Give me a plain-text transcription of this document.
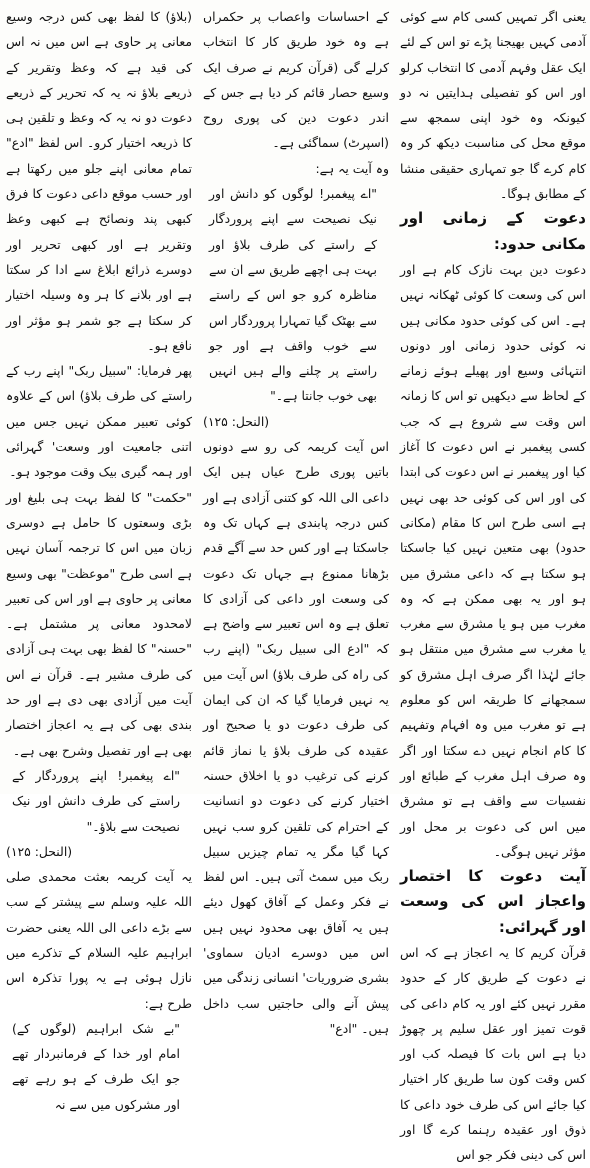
یعنی اگر تمہیں کسی کام سے کوئی آدمی کہیں بھیجنا پڑے تو اس کے لئے ایک عقل وفہم آدمی کا انتخاب کرلو اور اس کو تفصیلی ہدایتیں نہ دو کیونکہ وہ خود اپنی سمجھ سے موقع محل کی مناسبت دیکھ کر وہ کام کرے گا جو تمہاری حقیقی منشا کے مطابق ہوگا۔

دعوت کے زمانی اور مکانی حدود:

دعوت دین بہت نازک کام ہے اور اس کی وسعت کا کوئی ٹھکانہ نہیں ہے۔ اس کی کوئی حدود مکانی ہیں نہ کوئی حدود زمانی اور دونوں انتہائی وسیع اور پھیلے ہوئے زمانے کے لحاظ سے دیکھیں تو اس کا زمانہ اس وقت سے شروع ہے کہ جب کسی پیغمبر نے اس دعوت کا آغاز کیا اور پیغمبر نے اس دعوت کی ابتدا کی اور اس کی کوئی حد بھی نہیں ہے اسی طرح اس کا مقام (مکانی حدود) بھی متعین نہیں کیا جاسکتا ہو سکتا ہے کہ داعی مشرق میں ہو اور یہ بھی ممکن ہے کہ وہ مغرب میں ہو یا مشرق سے مغرب یا مغرب سے مشرق میں منتقل ہو جائے لہٰذا اگر صرف اہل مشرق کو سمجھانے کا طریقہ اس کو معلوم ہے تو مغرب میں وہ افہام وتفہیم کا کام انجام نہیں دے سکتا اور اگر وہ صرف اہل مغرب کے طبائع اور نفسیات سے واقف ہے تو مشرق میں اس کی دعوت بر محل اور مؤثر نہیں ہوگی۔

آیت دعوت کا اختصار واعجاز اس کی وسعت اور گہرائی:

قرآن کریم کا یہ اعجاز ہے کہ اس نے دعوت کے طریق کار کے حدود مقرر نہیں کئے اور یہ کام داعی کی قوت تمیز اور عقل سلیم پر چھوڑ دیا ہے اس بات کا فیصلہ کب اور کس وقت کون سا طریق کار اختیار کیا جائے اس کی طرف خود داعی کا ذوق اور عقیدہ رہنما کرے گا اور اس کی دینی فکر جو اس

کے احساسات واعصاب پر حکمراں ہے وہ خود طریق کار کا انتخاب کرلے گی (قرآن کریم نے صرف ایک وسیع حصار قائم کر دیا ہے جس کے اندر دعوت دین کی پوری روح (اسپرٹ) سماگئی ہے۔

وہ آیت یہ ہے:

"اے پیغمبر! لوگوں کو دانش اور نیک نصیحت سے اپنے پروردگار کے راستے کی طرف بلاؤ اور بہت ہی اچھے طریق سے ان سے مناظرہ کرو جو اس کے راستے سے بھٹک گیا تمہارا پروردگار اس سے خوب واقف ہے اور جو راستے پر چلنے والے ہیں انہیں بھی خوب جانتا ہے۔"

(النحل: ۱۲۵)

اس آیت کریمہ کی رو سے دونوں باتیں پوری طرح عیاں ہیں ایک داعی الی اللہ کو کتنی آزادی ہے اور کس درجہ پابندی ہے کہاں تک وہ جاسکتا ہے اور کس حد سے آگے قدم بڑھانا ممنوع ہے جہاں تک دعوت کی وسعت اور داعی کی آزادی کا تعلق ہے وہ اس تعبیر سے واضح ہے کہ "ادع الی سبیل ربک" (اپنے رب کی راہ کی طرف بلاؤ) اس آیت میں یہ نہیں فرمایا گیا کہ ان کی ایمان کی طرف دعوت دو یا صحیح اور عقیدہ کی طرف بلاؤ یا نماز قائم کرنے کی ترغیب دو یا اخلاق حسنہ اختیار کرنے کی دعوت دو انسانیت کے احترام کی تلقین کرو سب نہیں کہا گیا مگر یہ تمام چیزیں سبیل ربک میں سمٹ آتی ہیں۔ اس لفظ نے فکر وعمل کے آفاق کھول دیئے ہیں یہ آفاق بھی محدود نہیں ہیں اس میں دوسرے ادیان سماوی' بشری ضروریات' انسانی زندگی میں پیش آنے والی حاجتیں سب داخل ہیں۔ "ادع"

(بلاؤ) کا لفظ بھی کس درجہ وسیع معانی پر حاوی ہے اس میں نہ اس کی قید ہے کہ وعظ وتقریر کے ذریعے بلاؤ نہ یہ کہ تحریر کے ذریعے دعوت دو نہ یہ کہ وعظ و تلقین ہی کا ذریعہ اختیار کرو۔ اس لفظ "ادع" تمام معانی اپنے جلو میں رکھتا ہے اور حسب موقع داعی دعوت کا فرق کبھی پند ونصائح ہے کبھی وعظ وتقریر ہے اور کبھی تحریر اور دوسرے ذرائع ابلاغ سے ادا کر سکتا ہے اور بلانے کا ہر وہ وسیلہ اختیار کر سکتا ہے جو شمر ہو مؤثر اور نافع ہو۔

پھر فرمایا: "سبیل ربک" اپنے رب کے راستے کی طرف بلاؤ) اس کے علاوہ کوئی تعبیر ممکن نہیں جس میں اتنی جامعیت اور وسعت' گہرائی اور ہمہ گیری بیک وقت موجود ہو۔

"حکمت" کا لفظ بہت ہی بلیغ اور بڑی وسعتوں کا حامل ہے دوسری زبان میں اس کا ترجمہ آسان نہیں ہے اسی طرح "موعظت" بھی وسیع معانی پر حاوی ہے اور اس کی تعبیر لامحدود معانی پر مشتمل ہے۔ "حسنہ" کا لفظ بھی بہت ہی آزادی کی طرف مشیر ہے۔ قرآن نے اس آیت میں آزادی بھی دی ہے اور حد بندی بھی کی ہے یہ اعجاز اختصار بھی ہے اور تفصیل وشرح بھی ہے۔

"اے پیغمبر! اپنے پروردگار کے راستے کی طرف دانش اور نیک نصیحت سے بلاؤ۔"

(النحل: ۱۲۵)

یہ آیت کریمہ بعثت محمدی صلی اللہ علیہ وسلم سے پیشتر کے سب سے بڑے داعی الی اللہ یعنی حضرت ابراہیم علیہ السلام کے تذکرے میں نازل ہوئی ہے یہ پورا تذکرہ اس طرح ہے:

"بے شک ابراہیم (لوگوں کے) امام اور خدا کے فرمانبردار تھے جو ایک طرف کے ہو رہے تھے اور مشرکوں میں سے نہ
